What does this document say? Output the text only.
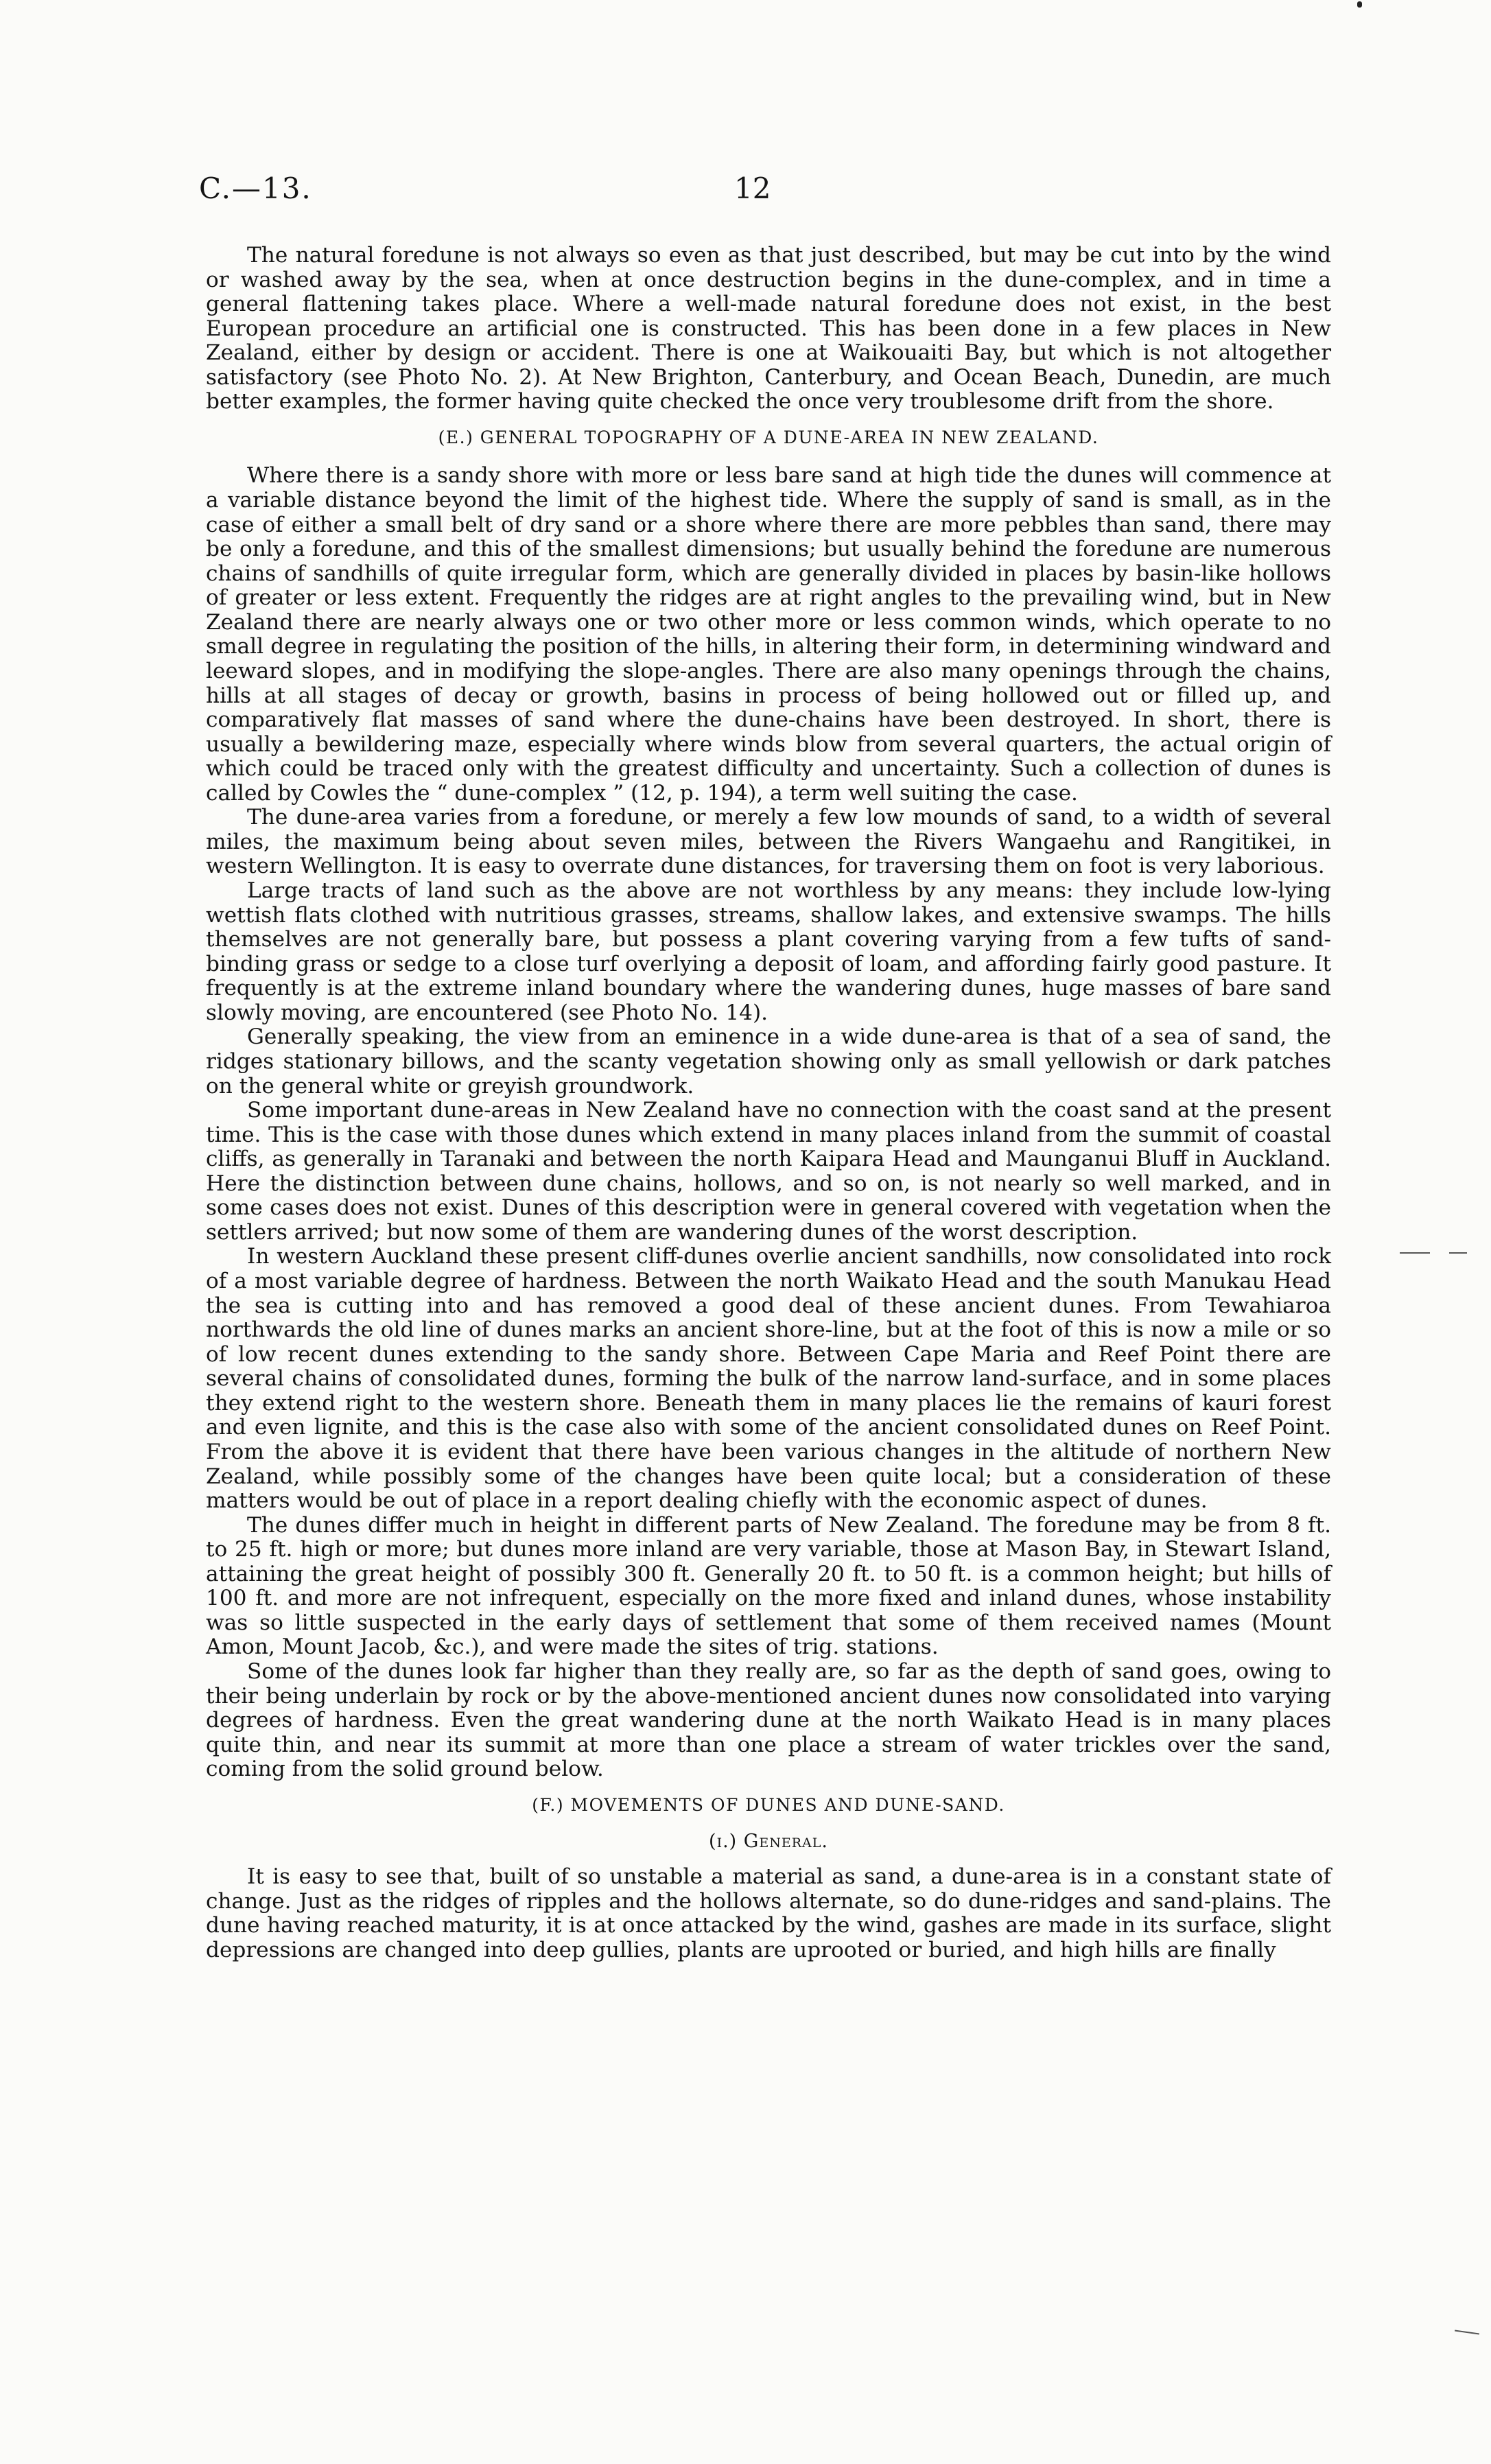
C.—13.	12

The natural foredune is not always so even as that just described, but may be cut into by the wind or washed away by the sea, when at once destruction begins in the dune-complex, and in time a general flattening takes place. Where a well-made natural foredune does not exist, in the best European procedure an artificial one is constructed. This has been done in a few places in New Zealand, either by design or accident. There is one at Waikouaiti Bay, but which is not altogether satisfactory (see Photo No. 2). At New Brighton, Canterbury, and Ocean Beach, Dunedin, are much better examples, the former having quite checked the once very troublesome drift from the shore.

(E.) GENERAL TOPOGRAPHY OF A DUNE-AREA IN NEW ZEALAND.

Where there is a sandy shore with more or less bare sand at high tide the dunes will commence at a variable distance beyond the limit of the highest tide. Where the supply of sand is small, as in the case of either a small belt of dry sand or a shore where there are more pebbles than sand, there may be only a foredune, and this of the smallest dimensions; but usually behind the foredune are numerous chains of sandhills of quite irregular form, which are generally divided in places by basin-like hollows of greater or less extent. Frequently the ridges are at right angles to the prevailing wind, but in New Zealand there are nearly always one or two other more or less common winds, which operate to no small degree in regulating the position of the hills, in altering their form, in determining windward and leeward slopes, and in modifying the slope-angles. There are also many openings through the chains, hills at all stages of decay or growth, basins in process of being hollowed out or filled up, and comparatively flat masses of sand where the dune-chains have been destroyed. In short, there is usually a bewildering maze, especially where winds blow from several quarters, the actual origin of which could be traced only with the greatest difficulty and uncertainty. Such a collection of dunes is called by Cowles the “ dune-complex ” (12, p. 194), a term well suiting the case.

The dune-area varies from a foredune, or merely a few low mounds of sand, to a width of several miles, the maximum being about seven miles, between the Rivers Wangaehu and Rangitikei, in western Wellington. It is easy to overrate dune distances, for traversing them on foot is very laborious.

Large tracts of land such as the above are not worthless by any means: they include low-lying wettish flats clothed with nutritious grasses, streams, shallow lakes, and extensive swamps. The hills themselves are not generally bare, but possess a plant covering varying from a few tufts of sand-binding grass or sedge to a close turf overlying a deposit of loam, and affording fairly good pasture. It frequently is at the extreme inland boundary where the wandering dunes, huge masses of bare sand slowly moving, are encountered (see Photo No. 14).

Generally speaking, the view from an eminence in a wide dune-area is that of a sea of sand, the ridges stationary billows, and the scanty vegetation showing only as small yellowish or dark patches on the general white or greyish groundwork.

Some important dune-areas in New Zealand have no connection with the coast sand at the present time. This is the case with those dunes which extend in many places inland from the summit of coastal cliffs, as generally in Taranaki and between the north Kaipara Head and Maunganui Bluff in Auckland. Here the distinction between dune chains, hollows, and so on, is not nearly so well marked, and in some cases does not exist. Dunes of this description were in general covered with vegetation when the settlers arrived; but now some of them are wandering dunes of the worst description.

In western Auckland these present cliff-dunes overlie ancient sandhills, now consolidated into rock of a most variable degree of hardness. Between the north Waikato Head and the south Manukau Head the sea is cutting into and has removed a good deal of these ancient dunes. From Tewahiaroa northwards the old line of dunes marks an ancient shore-line, but at the foot of this is now a mile or so of low recent dunes extending to the sandy shore. Between Cape Maria and Reef Point there are several chains of consolidated dunes, forming the bulk of the narrow land-surface, and in some places they extend right to the western shore. Beneath them in many places lie the remains of kauri forest and even lignite, and this is the case also with some of the ancient consolidated dunes on Reef Point. From the above it is evident that there have been various changes in the altitude of northern New Zealand, while possibly some of the changes have been quite local; but a consideration of these matters would be out of place in a report dealing chiefly with the economic aspect of dunes.

The dunes differ much in height in different parts of New Zealand. The foredune may be from 8 ft. to 25 ft. high or more; but dunes more inland are very variable, those at Mason Bay, in Stewart Island, attaining the great height of possibly 300 ft. Generally 20 ft. to 50 ft. is a common height; but hills of 100 ft. and more are not infrequent, especially on the more fixed and inland dunes, whose instability was so little suspected in the early days of settlement that some of them received names (Mount Amon, Mount Jacob, &c.), and were made the sites of trig. stations.

Some of the dunes look far higher than they really are, so far as the depth of sand goes, owing to their being underlain by rock or by the above-mentioned ancient dunes now consolidated into varying degrees of hardness. Even the great wandering dune at the north Waikato Head is in many places quite thin, and near its summit at more than one place a stream of water trickles over the sand, coming from the solid ground below.

(F.) MOVEMENTS OF DUNES AND DUNE-SAND.
(i.) General.

It is easy to see that, built of so unstable a material as sand, a dune-area is in a constant state of change. Just as the ridges of ripples and the hollows alternate, so do dune-ridges and sand-plains. The dune having reached maturity, it is at once attacked by the wind, gashes are made in its surface, slight depressions are changed into deep gullies, plants are uprooted or buried, and high hills are finally
